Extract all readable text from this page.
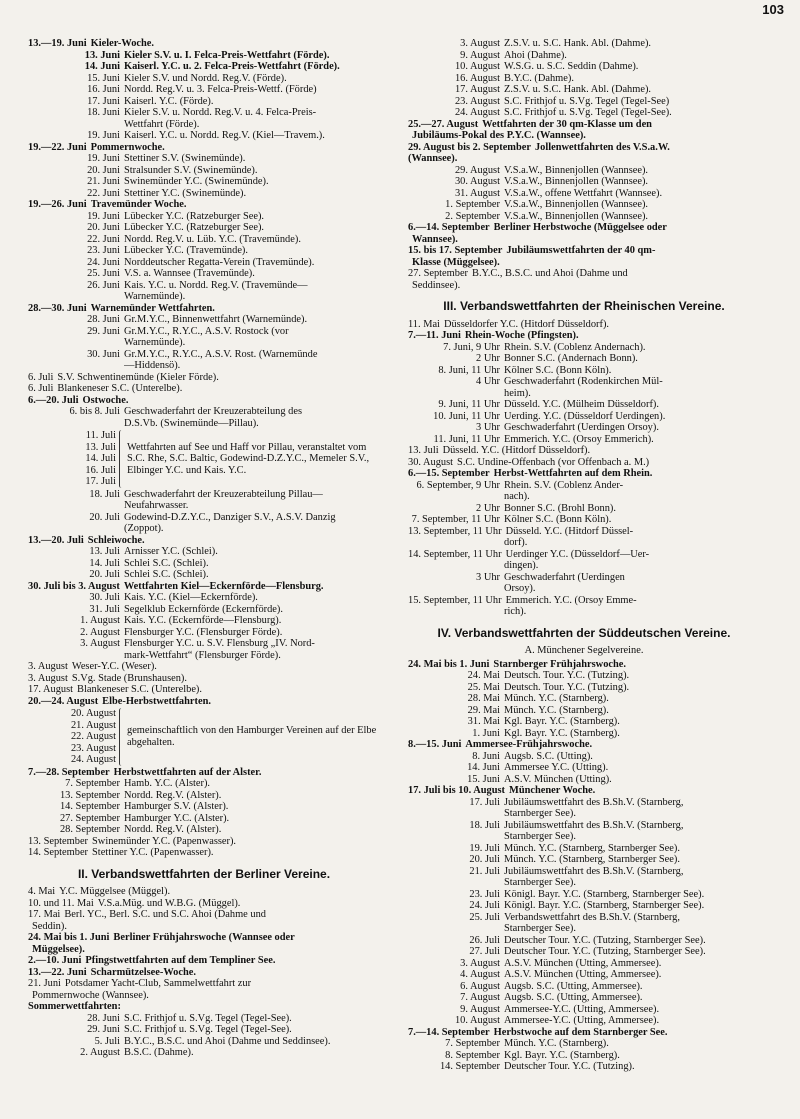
103
13.—19. Juni Kieler-Woche.
13. Juni Kieler S.V. u. I. Felca-Preis-Wettfahrt (Förde).
14. Juni Kaiserl. Y.C. u. 2. Felca-Preis-Wettfahrt (Förde).
15. Juni Kieler S.V. und Nordd. Reg.V. (Förde).
16. Juni Nordd. Reg.V. u. 3. Felca-Preis-Wettf. (Förde)
17. Juni Kaiserl. Y.C. (Förde).
18. Juni Kieler S.V. u. Nordd. Reg.V. u. 4. Felca-Preis-
Wettfahrt (Förde).
19. Juni Kaiserl. Y.C. u. Nordd. Reg.V. (Kiel—Travem.).
19.—22. Juni Pommernwoche.
19. Juni Stettiner S.V. (Swinemünde).
20. Juni Stralsunder S.V. (Swinemünde).
21. Juni Swinemünder Y.C. (Swinemünde).
22. Juni Stettiner Y.C. (Swinemünde).
19.—26. Juni Travemünder Woche.
19. Juni Lübecker Y.C. (Ratzeburger See).
20. Juni Lübecker Y.C. (Ratzeburger See).
22. Juni Nordd. Reg.V. u. Lüb. Y.C. (Travemünde).
23. Juni Lübecker Y.C. (Travemünde).
24. Juni Norddeutscher Regatta-Verein (Travemünde).
25. Juni V.S. a. Wannsee (Travemünde).
26. Juni Kais. Y.C. u. Nordd. Reg.V. (Travemünde—
Warnemünde).
28.—30. Juni Warnemünder Wettfahrten.
28. Juni Gr.M.Y.C., Binnenwettfahrt (Warnemünde).
29. Juni Gr.M.Y.C., R.Y.C., A.S.V. Rostock (vor
Warnemünde).
30. Juni Gr.M.Y.C., R.Y.C., A.S.V. Rost. (Warnemünde
—Hiddensö).
6. Juli S.V. Schwentinemünde (Kieler Förde).
6. Juli Blankeneser S.C. (Unterelbe).
6.—20. Juli Ostwoche.
6. bis 8. Juli Geschwaderfahrt der Kreuzerabteilung des
D.S.Vb. (Swinemünde—Pillau).
11. Juli
13. Juli
14. Juli
16. Juli
17. Juli
Wettfahrten auf See und Haff vor Pillau, veranstaltet vom S.C. Rhe, S.C. Baltic, Godewind-D.Z.Y.C., Memeler S.V., Elbinger Y.C. und Kais. Y.C.
18. Juli Geschwaderfahrt der Kreuzerabteilung Pillau—
Neufahrwasser.
20. Juli Godewind-D.Z.Y.C., Danziger S.V., A.S.V. Danzig
(Zoppot).
13.—20. Juli Schleiwoche.
13. Juli Arnisser Y.C. (Schlei).
14. Juli Schlei S.C. (Schlei).
20. Juli Schlei S.C. (Schlei).
30. Juli bis 3. August Wettfahrten Kiel—Eckernförde—Flensburg.
30. Juli Kais. Y.C. (Kiel—Eckernförde).
31. Juli Segelklub Eckernförde (Eckernförde).
1. August Kais. Y.C. (Eckernförde—Flensburg).
2. August Flensburger Y.C. (Flensburger Förde).
3. August Flensburger Y.C. u. S.V. Flensburg „IV. Nord-
mark-Wettfahrt“ (Flensburger Förde).
3. August Weser-Y.C. (Weser).
3. August S.Vg. Stade (Brunshausen).
17. August Blankeneser S.C. (Unterelbe).
20.—24. August Elbe-Herbstwettfahrten.
20. August
21. August
22. August
23. August
24. August
gemeinschaftlich von den Hamburger Vereinen auf der Elbe abgehalten.
7.—28. September Herbstwettfahrten auf der Alster.
7. September Hamb. Y.C. (Alster).
13. September Nordd. Reg.V. (Alster).
14. September Hamburger S.V. (Alster).
27. September Hamburger Y.C. (Alster).
28. September Nordd. Reg.V. (Alster).
13. September Swinemünder Y.C. (Papenwasser).
14. September Stettiner Y.C. (Papenwasser).
II. Verbandswettfahrten der Berliner Vereine.
4. Mai Y.C. Müggelsee (Müggel).
10. und 11. Mai V.S.a.Müg. und W.B.G. (Müggel).
17. Mai Berl. YC., Berl. S.C. und S.C. Ahoi (Dahme und
Seddin).
24. Mai bis 1. Juni Berliner Frühjahrswoche (Wannsee oder
Müggelsee).
2.—10. Juni Pfingstwettfahrten auf dem Templiner See.
13.—22. Juni Scharmützelsee-Woche.
21. Juni Potsdamer Yacht-Club, Sammelwettfahrt zur
Pommernwoche (Wannsee).
Sommerwettfahrten:
28. Juni S.C. Frithjof u. S.Vg. Tegel (Tegel-See).
29. Juni S.C. Frithjof u. S.Vg. Tegel (Tegel-See).
5. Juli B.Y.C., B.S.C. und Ahoi (Dahme und Seddinsee).
2. August B.S.C. (Dahme).
3. August Z.S.V. u. S.C. Hank. Abl. (Dahme).
9. August Ahoi (Dahme).
10. August W.S.G. u. S.C. Seddin (Dahme).
16. August B.Y.C. (Dahme).
17. August Z.S.V. u. S.C. Hank. Abl. (Dahme).
23. August S.C. Frithjof u. S.Vg. Tegel (Tegel-See)
24. August S.C. Frithjof u. S.Vg. Tegel (Tegel-See).
25.—27. August Wettfahrten der 30 qm-Klasse um den
Jubiläums-Pokal des P.Y.C. (Wannsee).
29. August bis 2. September Jollenwettfahrten des V.S.a.W.
(Wannsee).
29. August V.S.a.W., Binnenjollen (Wannsee).
30. August V.S.a.W., Binnenjollen (Wannsee).
31. August V.S.a.W., offene Wettfahrt (Wannsee).
1. September V.S.a.W., Binnenjollen (Wannsee).
2. September V.S.a.W., Binnenjollen (Wannsee).
6.—14. September Berliner Herbstwoche (Müggelsee oder
Wannsee).
15. bis 17. September Jubiläumswettfahrten der 40 qm-
Klasse (Müggelsee).
27. September B.Y.C., B.S.C. und Ahoi (Dahme und
Seddinsee).
III. Verbandswettfahrten der Rheinischen Vereine.
11. Mai Düsseldorfer Y.C. (Hitdorf Düsseldorf).
7.—11. Juni Rhein-Woche (Pfingsten).
7. Juni, 9 Uhr Rhein. S.V. (Coblenz Andernach).
2 Uhr Bonner S.C. (Andernach Bonn).
8. Juni, 11 Uhr Kölner S.C. (Bonn Köln).
4 Uhr Geschwaderfahrt (Rodenkirchen Mül-
heim).
9. Juni, 11 Uhr Düsseld. Y.C. (Mülheim Düsseldorf).
10. Juni, 11 Uhr Uerding. Y.C. (Düsseldorf Uerdingen).
3 Uhr Geschwaderfahrt (Uerdingen Orsoy).
11. Juni, 11 Uhr Emmerich. Y.C. (Orsoy Emmerich).
13. Juli Düsseld. Y.C. (Hitdorf Düsseldorf).
30. August S.C. Undine-Offenbach (vor Offenbach a. M.)
6.—15. September Herbst-Wettfahrten auf dem Rhein.
6. September, 9 Uhr Rhein. S.V. (Coblenz Ander-
nach).
2 Uhr Bonner S.C. (Brohl Bonn).
7. September, 11 Uhr Kölner S.C. (Bonn Köln).
13. September, 11 Uhr Düsseld. Y.C. (Hitdorf Düssel-
dorf).
14. September, 11 Uhr Uerdinger Y.C. (Düsseldorf—Uer-
dingen).
3 Uhr Geschwaderfahrt (Uerdingen
Orsoy).
15. September, 11 Uhr Emmerich. Y.C. (Orsoy Emme-
rich).
IV. Verbandswettfahrten der Süddeutschen Vereine.
A. Münchener Segelvereine.
24. Mai bis 1. Juni Starnberger Frühjahrswoche.
24. Mai Deutsch. Tour. Y.C. (Tutzing).
25. Mai Deutsch. Tour. Y.C. (Tutzing).
28. Mai Münch. Y.C. (Starnberg).
29. Mai Münch. Y.C. (Starnberg).
31. Mai Kgl. Bayr. Y.C. (Starnberg).
1. Juni Kgl. Bayr. Y.C. (Starnberg).
8.—15. Juni Ammersee-Frühjahrswoche.
8. Juni Augsb. S.C. (Utting).
14. Juni Ammersee Y.C. (Utting).
15. Juni A.S.V. München (Utting).
17. Juli bis 10. August Münchener Woche.
17. Juli Jubiläumswettfahrt des B.Sh.V. (Starnberg,
Starnberger See).
18. Juli Jubiläumswettfahrt des B.Sh.V. (Starnberg,
Starnberger See).
19. Juli Münch. Y.C. (Starnberg, Starnberger See).
20. Juli Münch. Y.C. (Starnberg, Starnberger See).
21. Juli Jubiläumswettfahrt des B.Sh.V. (Starnberg,
Starnberger See).
23. Juli Königl. Bayr. Y.C. (Starnberg, Starnberger See).
24. Juli Königl. Bayr. Y.C. (Starnberg, Starnberger See).
25. Juli Verbandswettfahrt des B.Sh.V. (Starnberg,
Starnberger See).
26. Juli Deutscher Tour. Y.C. (Tutzing, Starnberger See).
27. Juli Deutscher Tour. Y.C. (Tutzing, Starnberger See).
3. August A.S.V. München (Utting, Ammersee).
4. August A.S.V. München (Utting, Ammersee).
6. August Augsb. S.C. (Utting, Ammersee).
7. August Augsb. S.C. (Utting, Ammersee).
9. August Ammersee-Y.C. (Utting, Ammersee).
10. August Ammersee-Y.C. (Utting, Ammersee).
7.—14. September Herbstwoche auf dem Starnberger See.
7. September Münch. Y.C. (Starnberg).
8. September Kgl. Bayr. Y.C. (Starnberg).
14. September Deutscher Tour. Y.C. (Tutzing).
